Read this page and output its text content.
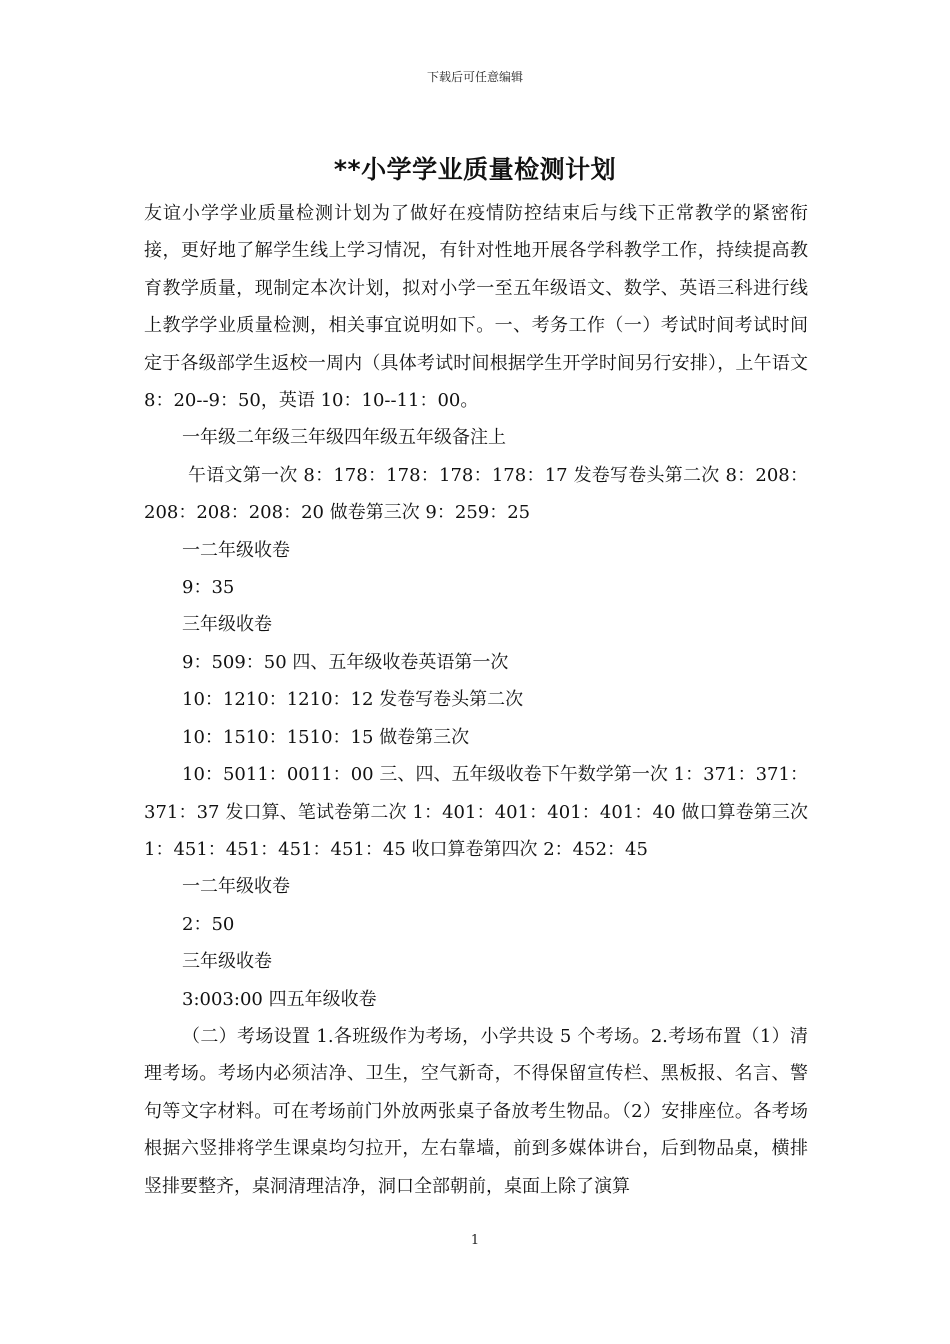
下载后可任意编辑
**小学学业质量检测计划

友谊小学学业质量检测计划为了做好在疫情防控结束后与线下正常教学的紧密衔接，更好地了解学生线上学习情况，有针对性地开展各学科教学工作，持续提高教育教学质量，现制定本次计划，拟对小学一至五年级语文、数学、英语三科进行线上教学学业质量检测，相关事宜说明如下。一、考务工作（一）考试时间考试时间定于各级部学生返校一周内（具体考试时间根据学生开学时间另行安排），上午语文 8：20--9：50，英语 10：10--11：00。

一年级二年级三年级四年级五年级备注上

午语文第一次 8：178：178：178：178：17 发卷写卷头第二次 8：208：208：208：208：20 做卷第三次 9：259：25

一二年级收卷

9：35

三年级收卷

9：509：50 四、五年级收卷英语第一次

10：1210：1210：12 发卷写卷头第二次

10：1510：1510：15 做卷第三次

10：5011：0011：00 三、四、五年级收卷下午数学第一次 1：371：371：371：37 发口算、笔试卷第二次 1：401：401：401：401：40 做口算卷第三次 1：451：451：451：451：45 收口算卷第四次 2：452：45

一二年级收卷

2：50

三年级收卷

3:003:00 四五年级收卷

（二）考场设置 1.各班级作为考场，小学共设 5 个考场。2.考场布置（1）清理考场。考场内必须洁净、卫生，空气新奇，不得保留宣传栏、黑板报、名言、警句等文字材料。可在考场前门外放两张桌子备放考生物品。（2）安排座位。各考场根据六竖排将学生课桌均匀拉开，左右靠墙，前到多媒体讲台，后到物品桌，横排竖排要整齐，桌洞清理洁净，洞口全部朝前，桌面上除了演算

1
